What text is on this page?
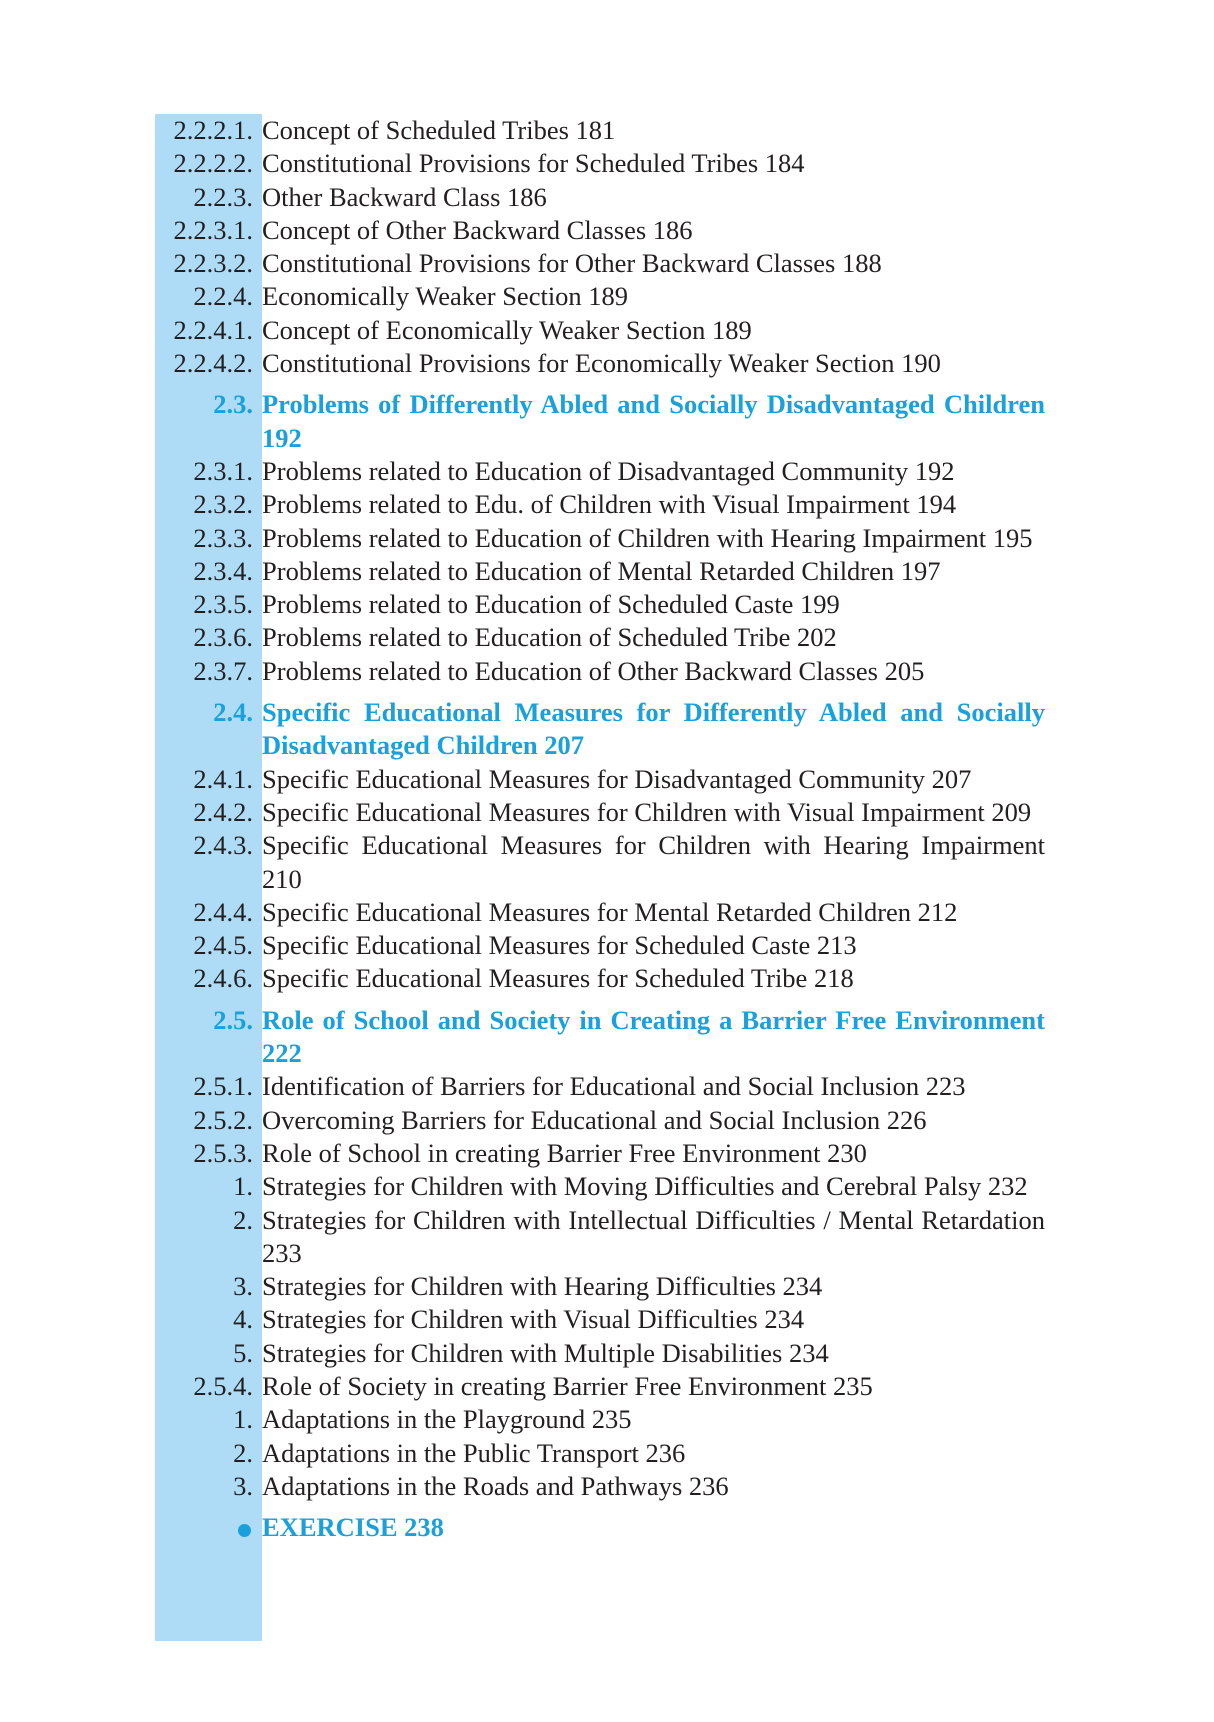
2.2.2.1. Concept of Scheduled Tribes 181
2.2.2.2. Constitutional Provisions for Scheduled Tribes 184
2.2.3. Other Backward Class 186
2.2.3.1. Concept of Other Backward Classes 186
2.2.3.2. Constitutional Provisions for Other Backward Classes 188
2.2.4. Economically Weaker Section 189
2.2.4.1. Concept of Economically Weaker Section 189
2.2.4.2. Constitutional Provisions for Economically Weaker Section 190
2.3. Problems of Differently Abled and Socially Disadvantaged Children 192
2.3.1. Problems related to Education of Disadvantaged Community 192
2.3.2. Problems related to Edu. of Children with Visual Impairment 194
2.3.3. Problems related to Education of Children with Hearing Impairment 195
2.3.4. Problems related to Education of Mental Retarded Children 197
2.3.5. Problems related to Education of Scheduled Caste 199
2.3.6. Problems related to Education of Scheduled Tribe 202
2.3.7. Problems related to Education of Other Backward Classes 205
2.4. Specific Educational Measures for Differently Abled and Socially Disadvantaged Children 207
2.4.1. Specific Educational Measures for Disadvantaged Community 207
2.4.2. Specific Educational Measures for Children with Visual Impairment 209
2.4.3. Specific Educational Measures for Children with Hearing Impairment 210
2.4.4. Specific Educational Measures for Mental Retarded Children 212
2.4.5. Specific Educational Measures for Scheduled Caste 213
2.4.6. Specific Educational Measures for Scheduled Tribe 218
2.5. Role of School and Society in Creating a Barrier Free Environment 222
2.5.1. Identification of Barriers for Educational and Social Inclusion 223
2.5.2. Overcoming Barriers for Educational and Social Inclusion 226
2.5.3. Role of School in creating Barrier Free Environment 230
1. Strategies for Children with Moving Difficulties and Cerebral Palsy 232
2. Strategies for Children with Intellectual Difficulties / Mental Retardation 233
3. Strategies for Children with Hearing Difficulties 234
4. Strategies for Children with Visual Difficulties 234
5. Strategies for Children with Multiple Disabilities 234
2.5.4. Role of Society in creating Barrier Free Environment 235
1. Adaptations in the Playground 235
2. Adaptations in the Public Transport 236
3. Adaptations in the Roads and Pathways 236
EXERCISE 238
